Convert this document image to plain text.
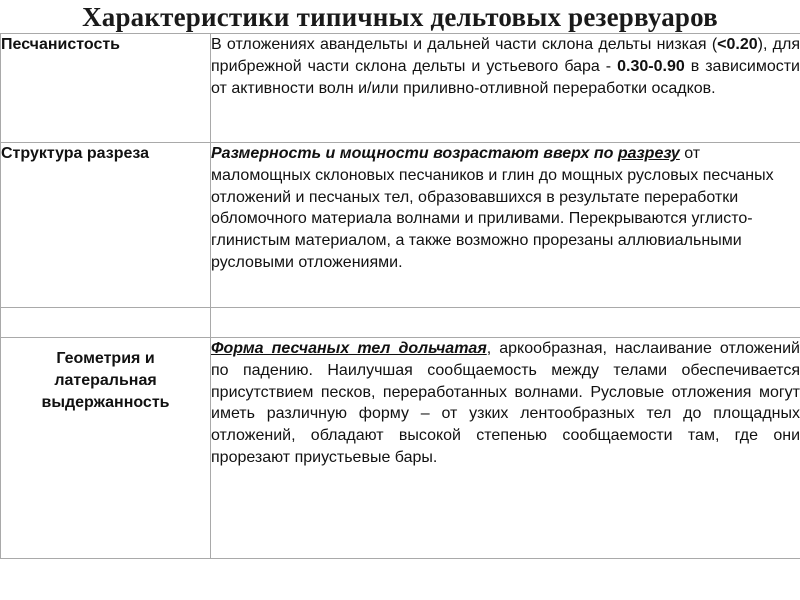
Характеристики типичных дельтовых резервуаров
Песчанистость	В отложениях авандельты и дальней части склона дельты низкая (<0.20), для прибрежной части склона дельты и устьевого бара - 0.30-0.90 в зависимости от активности волн и/или приливно-отливной переработки осадков.
Структура разреза	Размерность и мощности возрастают вверх по разрезу от маломощных склоновых песчаников и глин до мощных русловых песчаных отложений и песчаных тел, образовавшихся в результате переработки обломочного материала волнами и приливами. Перекрываются углисто-глинистым материалом, а также возможно прорезаны аллювиальными русловыми отложениями.

Геометрия и латеральная выдержанность	Форма песчаных тел дольчатая, аркообразная, наслаивание отложений по падению. Наилучшая сообщаемость между телами обеспечивается присутствием песков, переработанных волнами. Русловые отложения могут иметь различную форму – от узких лентообразных тел до площадных отложений, обладают высокой степенью сообщаемости там, где они прорезают приустьевые бары.
